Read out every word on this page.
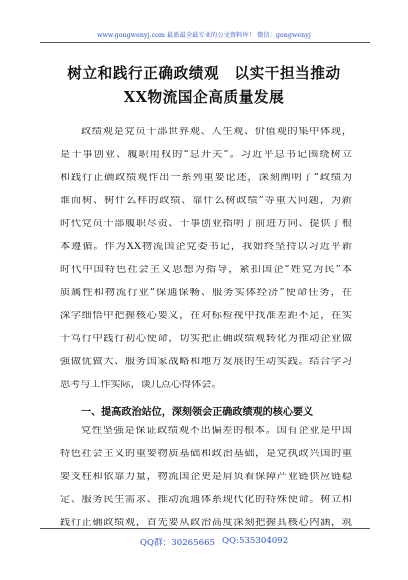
www.gongwenyj.com 最新最全最专业的公文资料库！ 微信：gongwenyj
树立和践行正确政绩观　以实干担当推动
XX物流国企高质量发展
政绩观是党员干部世界观、人生观、价值观的集中体现，
是干事创业、履职用权的“总开关”。习近平总书记围绕树立
和践行正确政绩观作出一系列重要论述，深刻阐明了“政绩为
谁而树、树什么样的政绩、靠什么树政绩”等重大问题，为新
时代党员干部履职尽责、干事创业指明了前进方向、提供了根
本遵循。作为XX物流国企党委书记，我始终坚持以习近平新
时代中国特色社会主义思想为指导，紧扣国企“姓党为民”本
质属性和物流行业“保通保畅、服务实体经济”使命任务，在
深学细悟中把握核心要义，在对标检视中找准差距不足，在实
干笃行中践行初心使命，切实把正确政绩观转化为推动企业做
强做优做大、服务国家战略和地方发展的生动实践。结合学习
思考与工作实际，谈几点心得体会。
一、提高政治站位，深刻领会正确政绩观的核心要义
党性坚强是保证政绩观不出偏差的根本。国有企业是中国
特色社会主义的重要物质基础和政治基础，是党执政兴国的重
要支柱和依靠力量，物流国企更是肩负着保障产业链供应链稳
定、服务民生需求、推动流通体系现代化的特殊使命。树立和
践行正确政绩观，首先要从政治高度深刻把握其核心内涵，筑
QQ群：30265665 QQ:535304092
